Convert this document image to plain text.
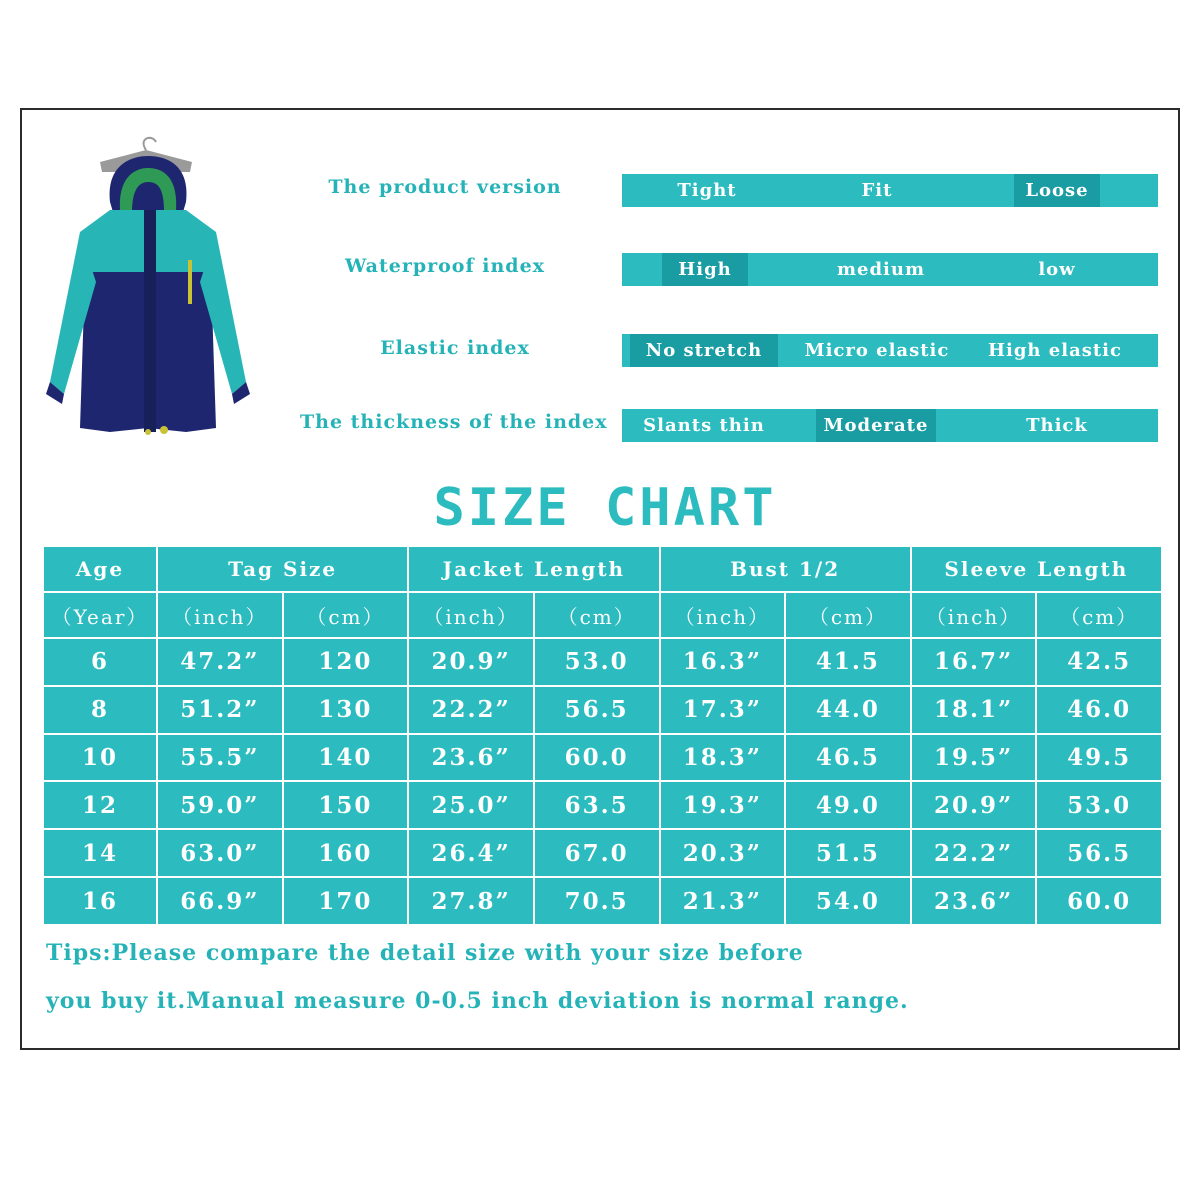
The product version	Tight	Fit	Loose
Waterproof index	High	medium	low
Elastic index	No stretch	Micro elastic	High elastic
The thickness of the index	Slants thin	Moderate	Thick
SIZE CHART
Age	Tag Size		Jacket Length		Bust 1/2		Sleeve Length	
（Year）	（inch）	（cm）	（inch）	（cm）	（inch）	（cm）	（inch）	（cm）
6	47.2”	120	20.9”	53.0	16.3”	41.5	16.7”	42.5
8	51.2”	130	22.2”	56.5	17.3”	44.0	18.1”	46.0
10	55.5”	140	23.6”	60.0	18.3”	46.5	19.5”	49.5
12	59.0”	150	25.0”	63.5	19.3”	49.0	20.9”	53.0
14	63.0”	160	26.4”	67.0	20.3”	51.5	22.2”	56.5
16	66.9”	170	27.8”	70.5	21.3”	54.0	23.6”	60.0
Tips:Please compare the detail size with your size before
you buy it.Manual measure 0-0.5 inch deviation is normal range.
